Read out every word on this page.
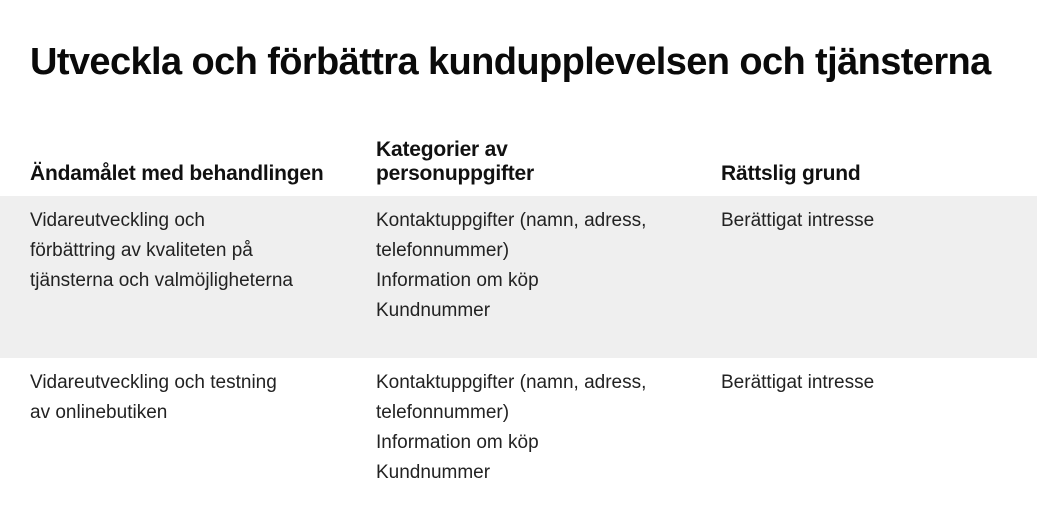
Utveckla och förbättra kundupplevelsen och tjänsterna
Ändamålet med behandlingen
Kategorier av
personuppgifter	Rättslig grund
Vidareutveckling och
förbättring av kvaliteten på
tjänsterna och valmöjligheterna
Kontaktuppgifter (namn, adress,
telefonnummer)
Information om köp
Kundnummer
Berättigat intresse
Vidareutveckling och testning
av onlinebutiken
Kontaktuppgifter (namn, adress,
telefonnummer)
Information om köp
Kundnummer
Berättigat intresse
